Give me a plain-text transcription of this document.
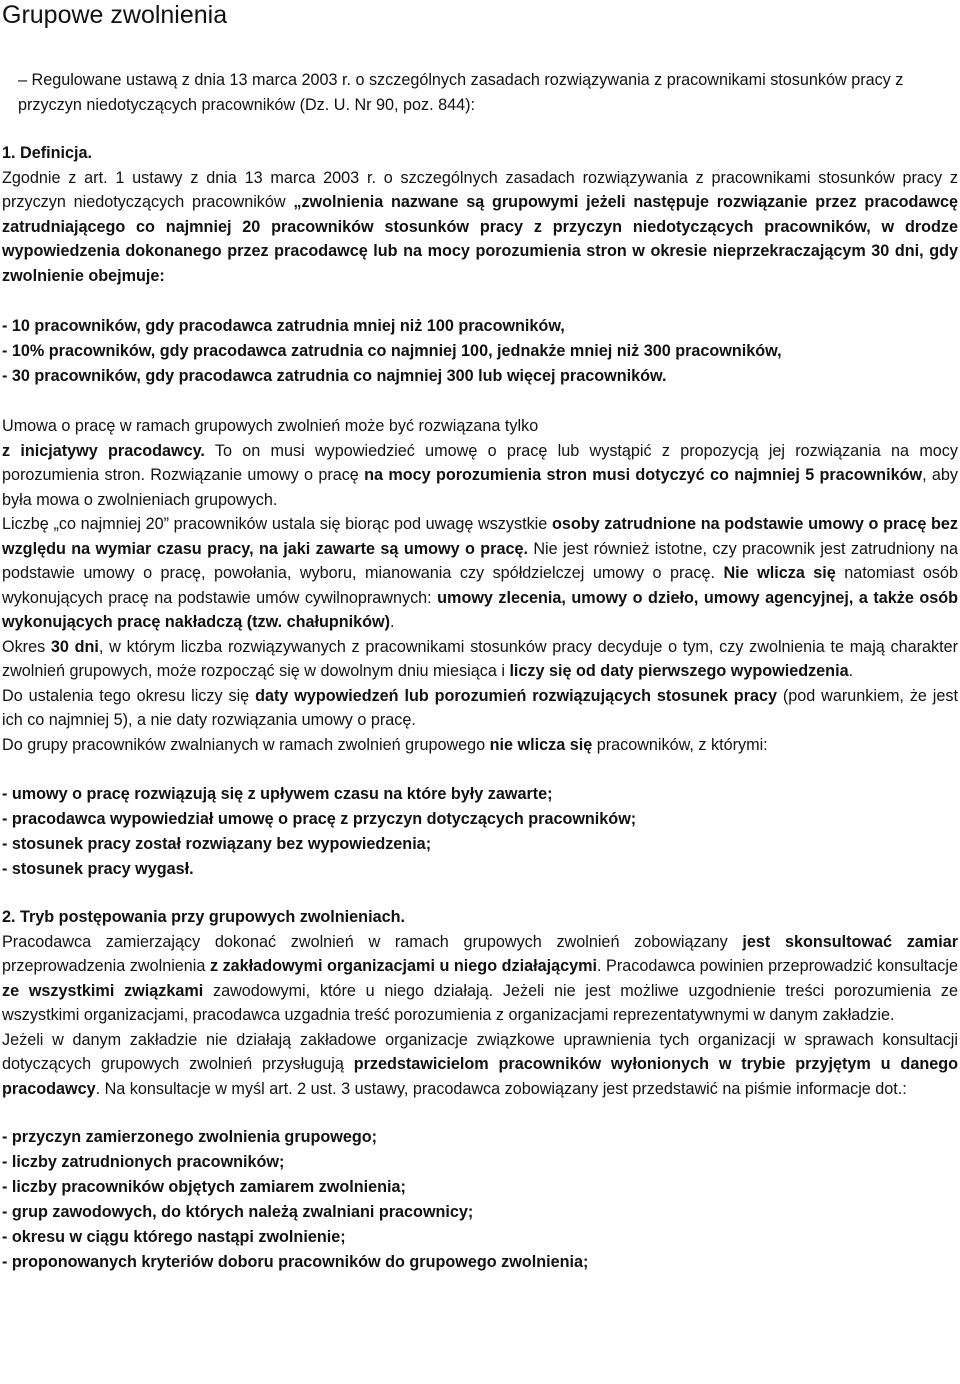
Grupowe zwolnienia

– Regulowane ustawą z dnia 13 marca 2003 r. o szczególnych zasadach rozwiązywania z pracownikami stosunków pracy z przyczyn niedotyczących pracowników (Dz. U. Nr 90, poz. 844):

1. Definicja.

Zgodnie z art. 1 ustawy z dnia 13 marca 2003 r. o szczególnych zasadach rozwiązywania z pracownikami stosunków pracy z przyczyn niedotyczących pracowników „zwolnienia nazwane są grupowymi jeżeli następuje rozwiązanie przez pracodawcę zatrudniającego co najmniej 20 pracowników stosunków pracy z przyczyn niedotyczących pracowników, w drodze wypowiedzenia dokonanego przez pracodawcę lub na mocy porozumienia stron w okresie nieprzekraczającym 30 dni, gdy zwolnienie obejmuje:

- 10 pracowników, gdy pracodawca zatrudnia mniej niż 100 pracowników,
- 10% pracowników, gdy pracodawca zatrudnia co najmniej 100, jednakże mniej niż 300 pracowników,
- 30 pracowników, gdy pracodawca zatrudnia co najmniej 300 lub więcej pracowników.

Umowa o pracę w ramach grupowych zwolnień może być rozwiązana tylko

z inicjatywy pracodawcy. To on musi wypowiedzieć umowę o pracę lub wystąpić z propozycją jej rozwiązania na mocy porozumienia stron. Rozwiązanie umowy o pracę na mocy porozumienia stron musi dotyczyć co najmniej 5 pracowników, aby była mowa o zwolnieniach grupowych.

Liczbę „co najmniej 20” pracowników ustala się biorąc pod uwagę wszystkie osoby zatrudnione na podstawie umowy o pracę bez względu na wymiar czasu pracy, na jaki zawarte są umowy o pracę. Nie jest również istotne, czy pracownik jest zatrudniony na podstawie umowy o pracę, powołania, wyboru, mianowania czy spółdzielczej umowy o pracę. Nie wlicza się natomiast osób wykonujących pracę na podstawie umów cywilnoprawnych: umowy zlecenia, umowy o dzieło, umowy agencyjnej, a także osób wykonujących pracę nakładczą (tzw. chałupników).

Okres 30 dni, w którym liczba rozwiązywanych z pracownikami stosunków pracy decyduje o tym, czy zwolnienia te mają charakter zwolnień grupowych, może rozpocząć się w dowolnym dniu miesiąca i liczy się od daty pierwszego wypowiedzenia.

Do ustalenia tego okresu liczy się daty wypowiedzeń lub porozumień rozwiązujących stosunek pracy (pod warunkiem, że jest ich co najmniej 5), a nie daty rozwiązania umowy o pracę.

Do grupy pracowników zwalnianych w ramach zwolnień grupowego nie wlicza się pracowników, z którymi:

- umowy o pracę rozwiązują się z upływem czasu na które były zawarte;
- pracodawca wypowiedział umowę o pracę z przyczyn dotyczących pracowników;
- stosunek pracy został rozwiązany bez wypowiedzenia;
- stosunek pracy wygasł.

2. Tryb postępowania przy grupowych zwolnieniach.

Pracodawca zamierzający dokonać zwolnień w ramach grupowych zwolnień zobowiązany jest skonsultować zamiar przeprowadzenia zwolnienia z zakładowymi organizacjami u niego działającymi. Pracodawca powinien przeprowadzić konsultacje ze wszystkimi związkami zawodowymi, które u niego działają. Jeżeli nie jest możliwe uzgodnienie treści porozumienia ze wszystkimi organizacjami, pracodawca uzgadnia treść porozumienia z organizacjami reprezentatywnymi w danym zakładzie.

Jeżeli w danym zakładzie nie działają zakładowe organizacje związkowe uprawnienia tych organizacji w sprawach konsultacji dotyczących grupowych zwolnień przysługują przedstawicielom pracowników wyłonionych w trybie przyjętym u danego pracodawcy. Na konsultacje w myśl art. 2 ust. 3 ustawy, pracodawca zobowiązany jest przedstawić na piśmie informacje dot.:

- przyczyn zamierzonego zwolnienia grupowego;
- liczby zatrudnionych pracowników;
- liczby pracowników objętych zamiarem zwolnienia;
- grup zawodowych, do których należą zwalniani pracownicy;
- okresu w ciągu którego nastąpi zwolnienie;
- proponowanych kryteriów doboru pracowników do grupowego zwolnienia;
